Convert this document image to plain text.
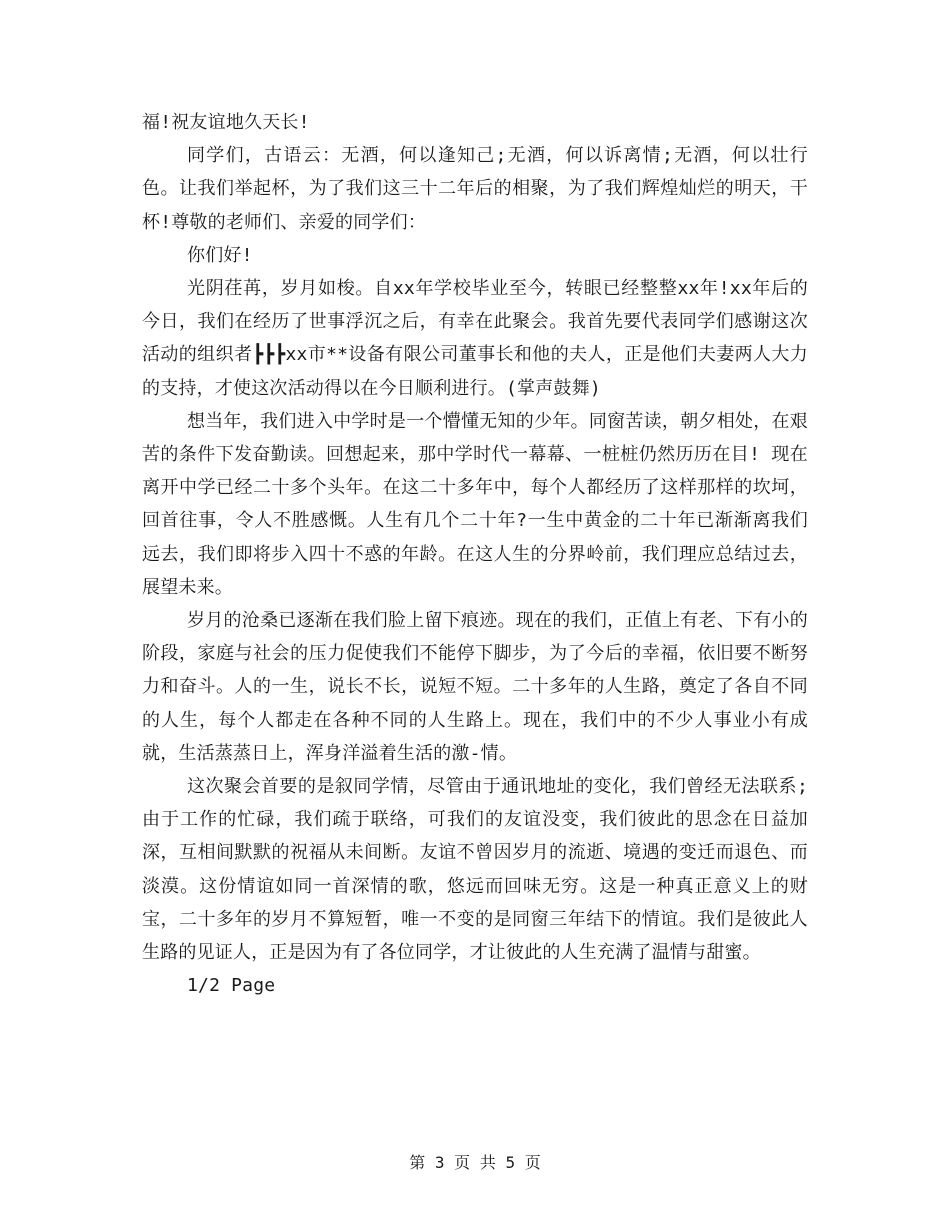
福!祝友谊地久天长!

同学们，古语云：无酒，何以逢知己;无酒，何以诉离情;无酒，何以壮行色。让我们举起杯，为了我们这三十二年后的相聚，为了我们辉煌灿烂的明天，干杯!尊敬的老师们、亲爱的同学们：

你们好!

光阴荏苒，岁月如梭。自xx年学校毕业至今，转眼已经整整xx年!xx年后的今日，我们在经历了世事浮沉之后，有幸在此聚会。我首先要代表同学们感谢这次活动的组织者┣┣┣xx市**设备有限公司董事长和他的夫人，正是他们夫妻两人大力的支持，才使这次活动得以在今日顺利进行。(掌声鼓舞)

想当年，我们进入中学时是一个懵懂无知的少年。同窗苦读，朝夕相处，在艰苦的条件下发奋勤读。回想起来，那中学时代一幕幕、一桩桩仍然历历在目! 现在离开中学已经二十多个头年。在这二十多年中，每个人都经历了这样那样的坎坷，回首往事，令人不胜感慨。人生有几个二十年?一生中黄金的二十年已渐渐离我们远去，我们即将步入四十不惑的年龄。在这人生的分界岭前，我们理应总结过去，展望未来。

岁月的沧桑已逐渐在我们脸上留下痕迹。现在的我们，正值上有老、下有小的阶段，家庭与社会的压力促使我们不能停下脚步，为了今后的幸福，依旧要不断努力和奋斗。人的一生，说长不长，说短不短。二十多年的人生路，奠定了各自不同的人生，每个人都走在各种不同的人生路上。现在，我们中的不少人事业小有成就，生活蒸蒸日上，浑身洋溢着生活的激-情。

这次聚会首要的是叙同学情，尽管由于通讯地址的变化，我们曾经无法联系;由于工作的忙碌，我们疏于联络，可我们的友谊没变，我们彼此的思念在日益加深，互相间默默的祝福从未间断。友谊不曾因岁月的流逝、境遇的变迁而退色、而淡漠。这份情谊如同一首深情的歌，悠远而回味无穷。这是一种真正意义上的财宝，二十多年的岁月不算短暂，唯一不变的是同窗三年结下的情谊。我们是彼此人生路的见证人，正是因为有了各位同学，才让彼此的人生充满了温情与甜蜜。

1/2 Page

第 3 页 共 5 页
